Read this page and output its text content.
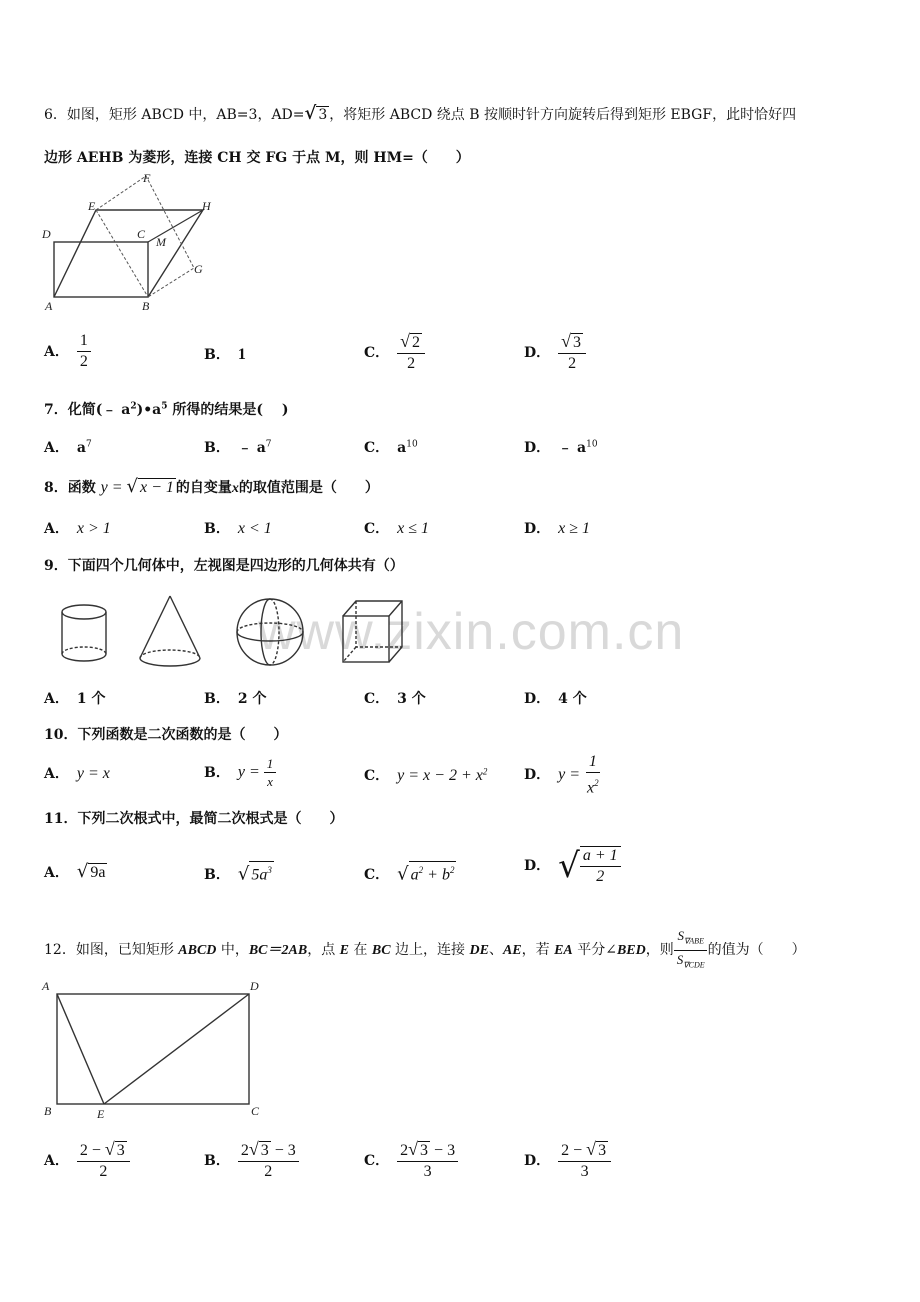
www.zixin.com.cn
6．如图，矩形 ABCD 中，AB=3，AD=√ 3 ，将矩形 ABCD 绕点 B 按顺时针方向旋转后得到矩形 EBGF，此时恰好四
边形 AEHB 为菱形，连接 CH 交 FG 于点 M，则 HM=（　　）
F
E	H
D	C
M
G
A	B
A． $\frac{1}{2}$	B． 1	C． $\frac{√ 2}{2}$	D． $\frac{√ 3}{2}$
7．化简(﹣ $a^2)•a^5$ 所得的结果是(　 )
A． $a^7$	B． ﹣ $a^7$	C． $a^{10}$	D． ﹣ $a^{10}$
8．函数 y = √ x − 1 的自变量x的取值范围是（　　）
A． x > 1	B． x < 1	C． x ≤ 1	D． x ≥ 1
9．下面四个几何体中，左视图是四边形的几何体共有（）
A． 1 个	B． 2 个	C． 3 个	D． 4 个
10．下列函数是二次函数的是（　　）
A． y = x	B． $y = \frac{1}{x}$	C． $y = x - 2 + x^2$	D． $y = \frac{1}{x^2}$
11．下列二次根式中，最简二次根式是（　　）
A． √ 9a	B． √ $5a^3$	C． √ $a^2 + b^2$	D． √ $\frac{a + 1}{2}$
12．如图，已知矩形 ABCD 中，BC＝2AB，点 E 在 BC 边上，连接 DE、AE，若 EA 平分∠BED，则 $\frac{S_{\nabla ABE}}{S_{\nabla CDE}}$ 的值为（　　）
A	D
B	E	C
A． $\frac{2 - √ 3}{2}$	B． $\frac{2√ 3 - 3}{2}$	C． $\frac{2√ 3 - 3}{3}$	D． $\frac{2 - √ 3}{3}$
